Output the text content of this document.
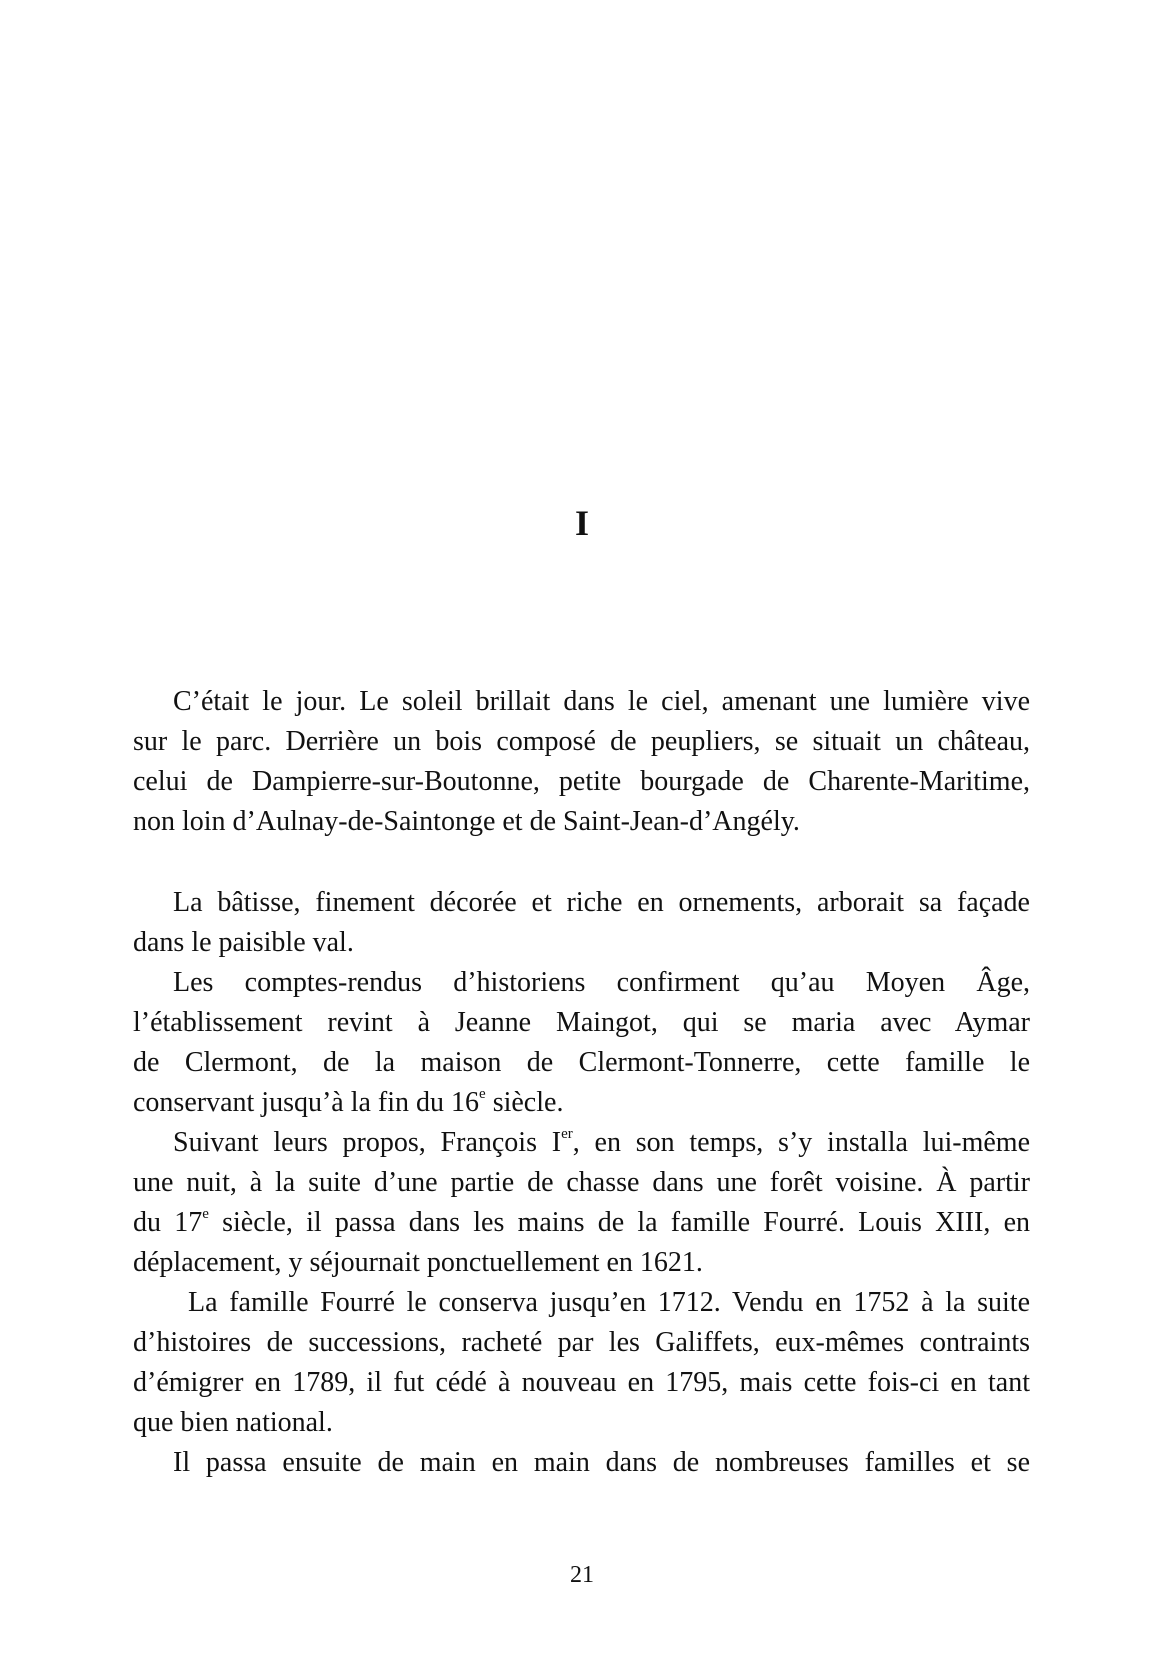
I
C’était le jour. Le soleil brillait dans le ciel, amenant une lumière vive
sur le parc. Derrière un bois composé de peupliers, se situait un château,
celui de Dampierre-sur-Boutonne, petite bourgade de Charente-Maritime,
non loin d’Aulnay-de-Saintonge et de Saint-Jean-d’Angély.
La bâtisse, finement décorée et riche en ornements, arborait sa façade
dans le paisible val.
Les comptes-rendus d’historiens confirment qu’au Moyen Âge,
l’établissement revint à Jeanne Maingot, qui se maria avec Aymar
de Clermont, de la maison de Clermont-Tonnerre, cette famille le
conservant jusqu’à la fin du 16e siècle.
Suivant leurs propos, François Ier, en son temps, s’y installa lui-même
une nuit, à la suite d’une partie de chasse dans une forêt voisine. À partir
du 17e siècle, il passa dans les mains de la famille Fourré. Louis XIII, en
déplacement, y séjournait ponctuellement en 1621.
La famille Fourré le conserva jusqu’en 1712. Vendu en 1752 à la suite
d’histoires de successions, racheté par les Galiffets, eux-mêmes contraints
d’émigrer en 1789, il fut cédé à nouveau en 1795, mais cette fois-ci en tant
que bien national.
Il passa ensuite de main en main dans de nombreuses familles et se
21
